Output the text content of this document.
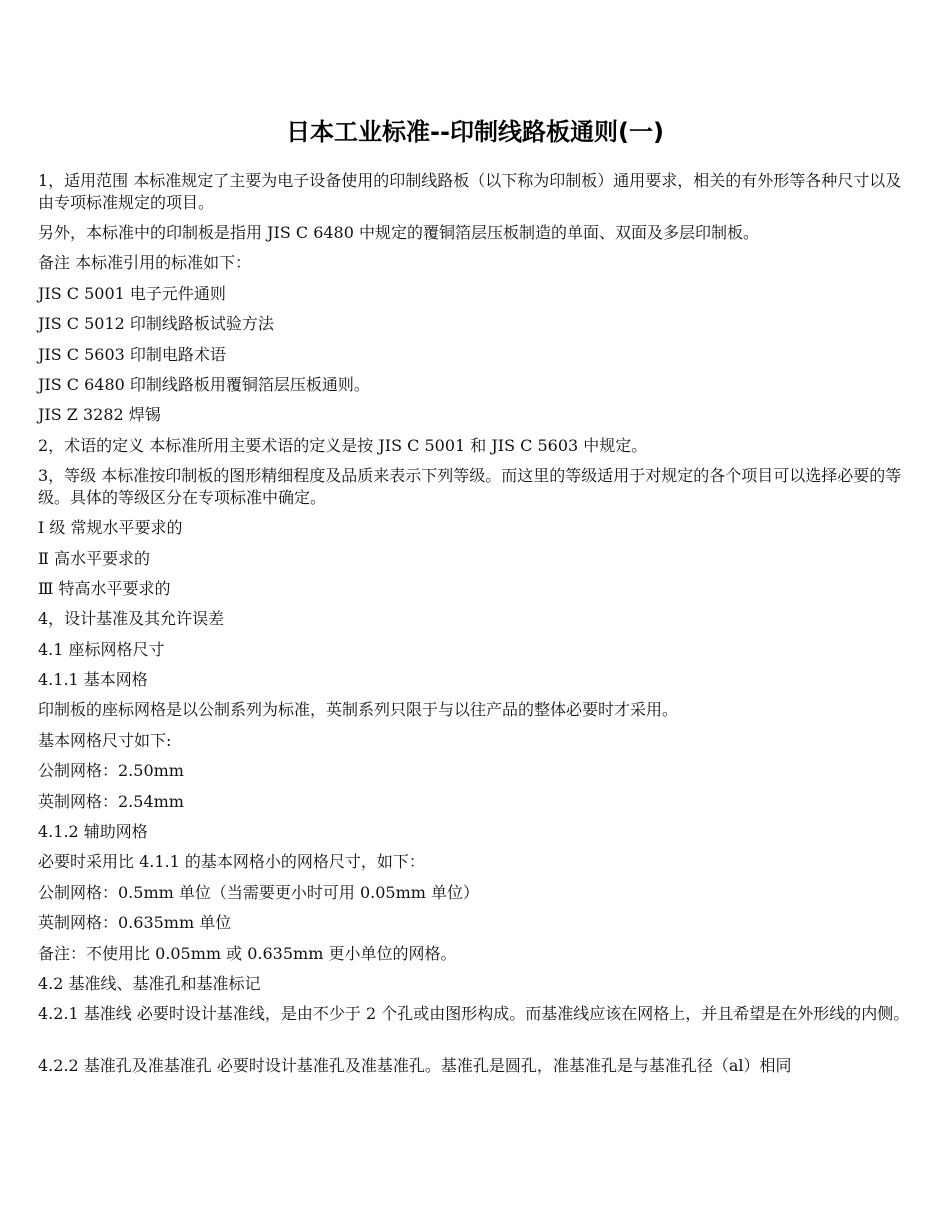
日本工业标准--印制线路板通则(一)

1，适用范围 本标准规定了主要为电子设备使用的印制线路板（以下称为印制板）通用要求，相关的有外形等各种尺寸以及由专项标准规定的项目。

另外，本标准中的印制板是指用 JIS C 6480 中规定的覆铜箔层压板制造的单面、双面及多层印制板。

备注 本标准引用的标准如下：

JIS C 5001 电子元件通则

JIS C 5012 印制线路板试验方法

JIS C 5603 印制电路术语

JIS C 6480 印制线路板用覆铜箔层压板通则。

JIS Z 3282 焊锡

2，术语的定义 本标准所用主要术语的定义是按 JIS C 5001 和 JIS C 5603 中规定。

3，等级 本标准按印制板的图形精细程度及品质来表示下列等级。而这里的等级适用于对规定的各个项目可以选择必要的等级。具体的等级区分在专项标准中确定。

Ⅰ 级 常规水平要求的

Ⅱ 高水平要求的

Ⅲ 特高水平要求的

4，设计基准及其允许误差

4.1 座标网格尺寸

4.1.1 基本网格

印制板的座标网格是以公制系列为标准，英制系列只限于与以往产品的整体必要时才采用。

基本网格尺寸如下:

公制网格：2.50mm

英制网格：2.54mm

4.1.2 辅助网格

必要时采用比 4.1.1 的基本网格小的网格尺寸，如下：

公制网格：0.5mm 单位（当需要更小时可用 0.05mm 单位）

英制网格：0.635mm 单位

备注：不使用比 0.05mm 或 0.635mm 更小单位的网格。

4.2 基准线、基准孔和基准标记

4.2.1 基准线 必要时设计基准线，是由不少于 2 个孔或由图形构成。而基准线应该在网格上，并且希望是在外形线的内侧。

4.2.2 基准孔及准基准孔 必要时设计基准孔及准基准孔。基准孔是圆孔，准基准孔是与基准孔径（al）相同
